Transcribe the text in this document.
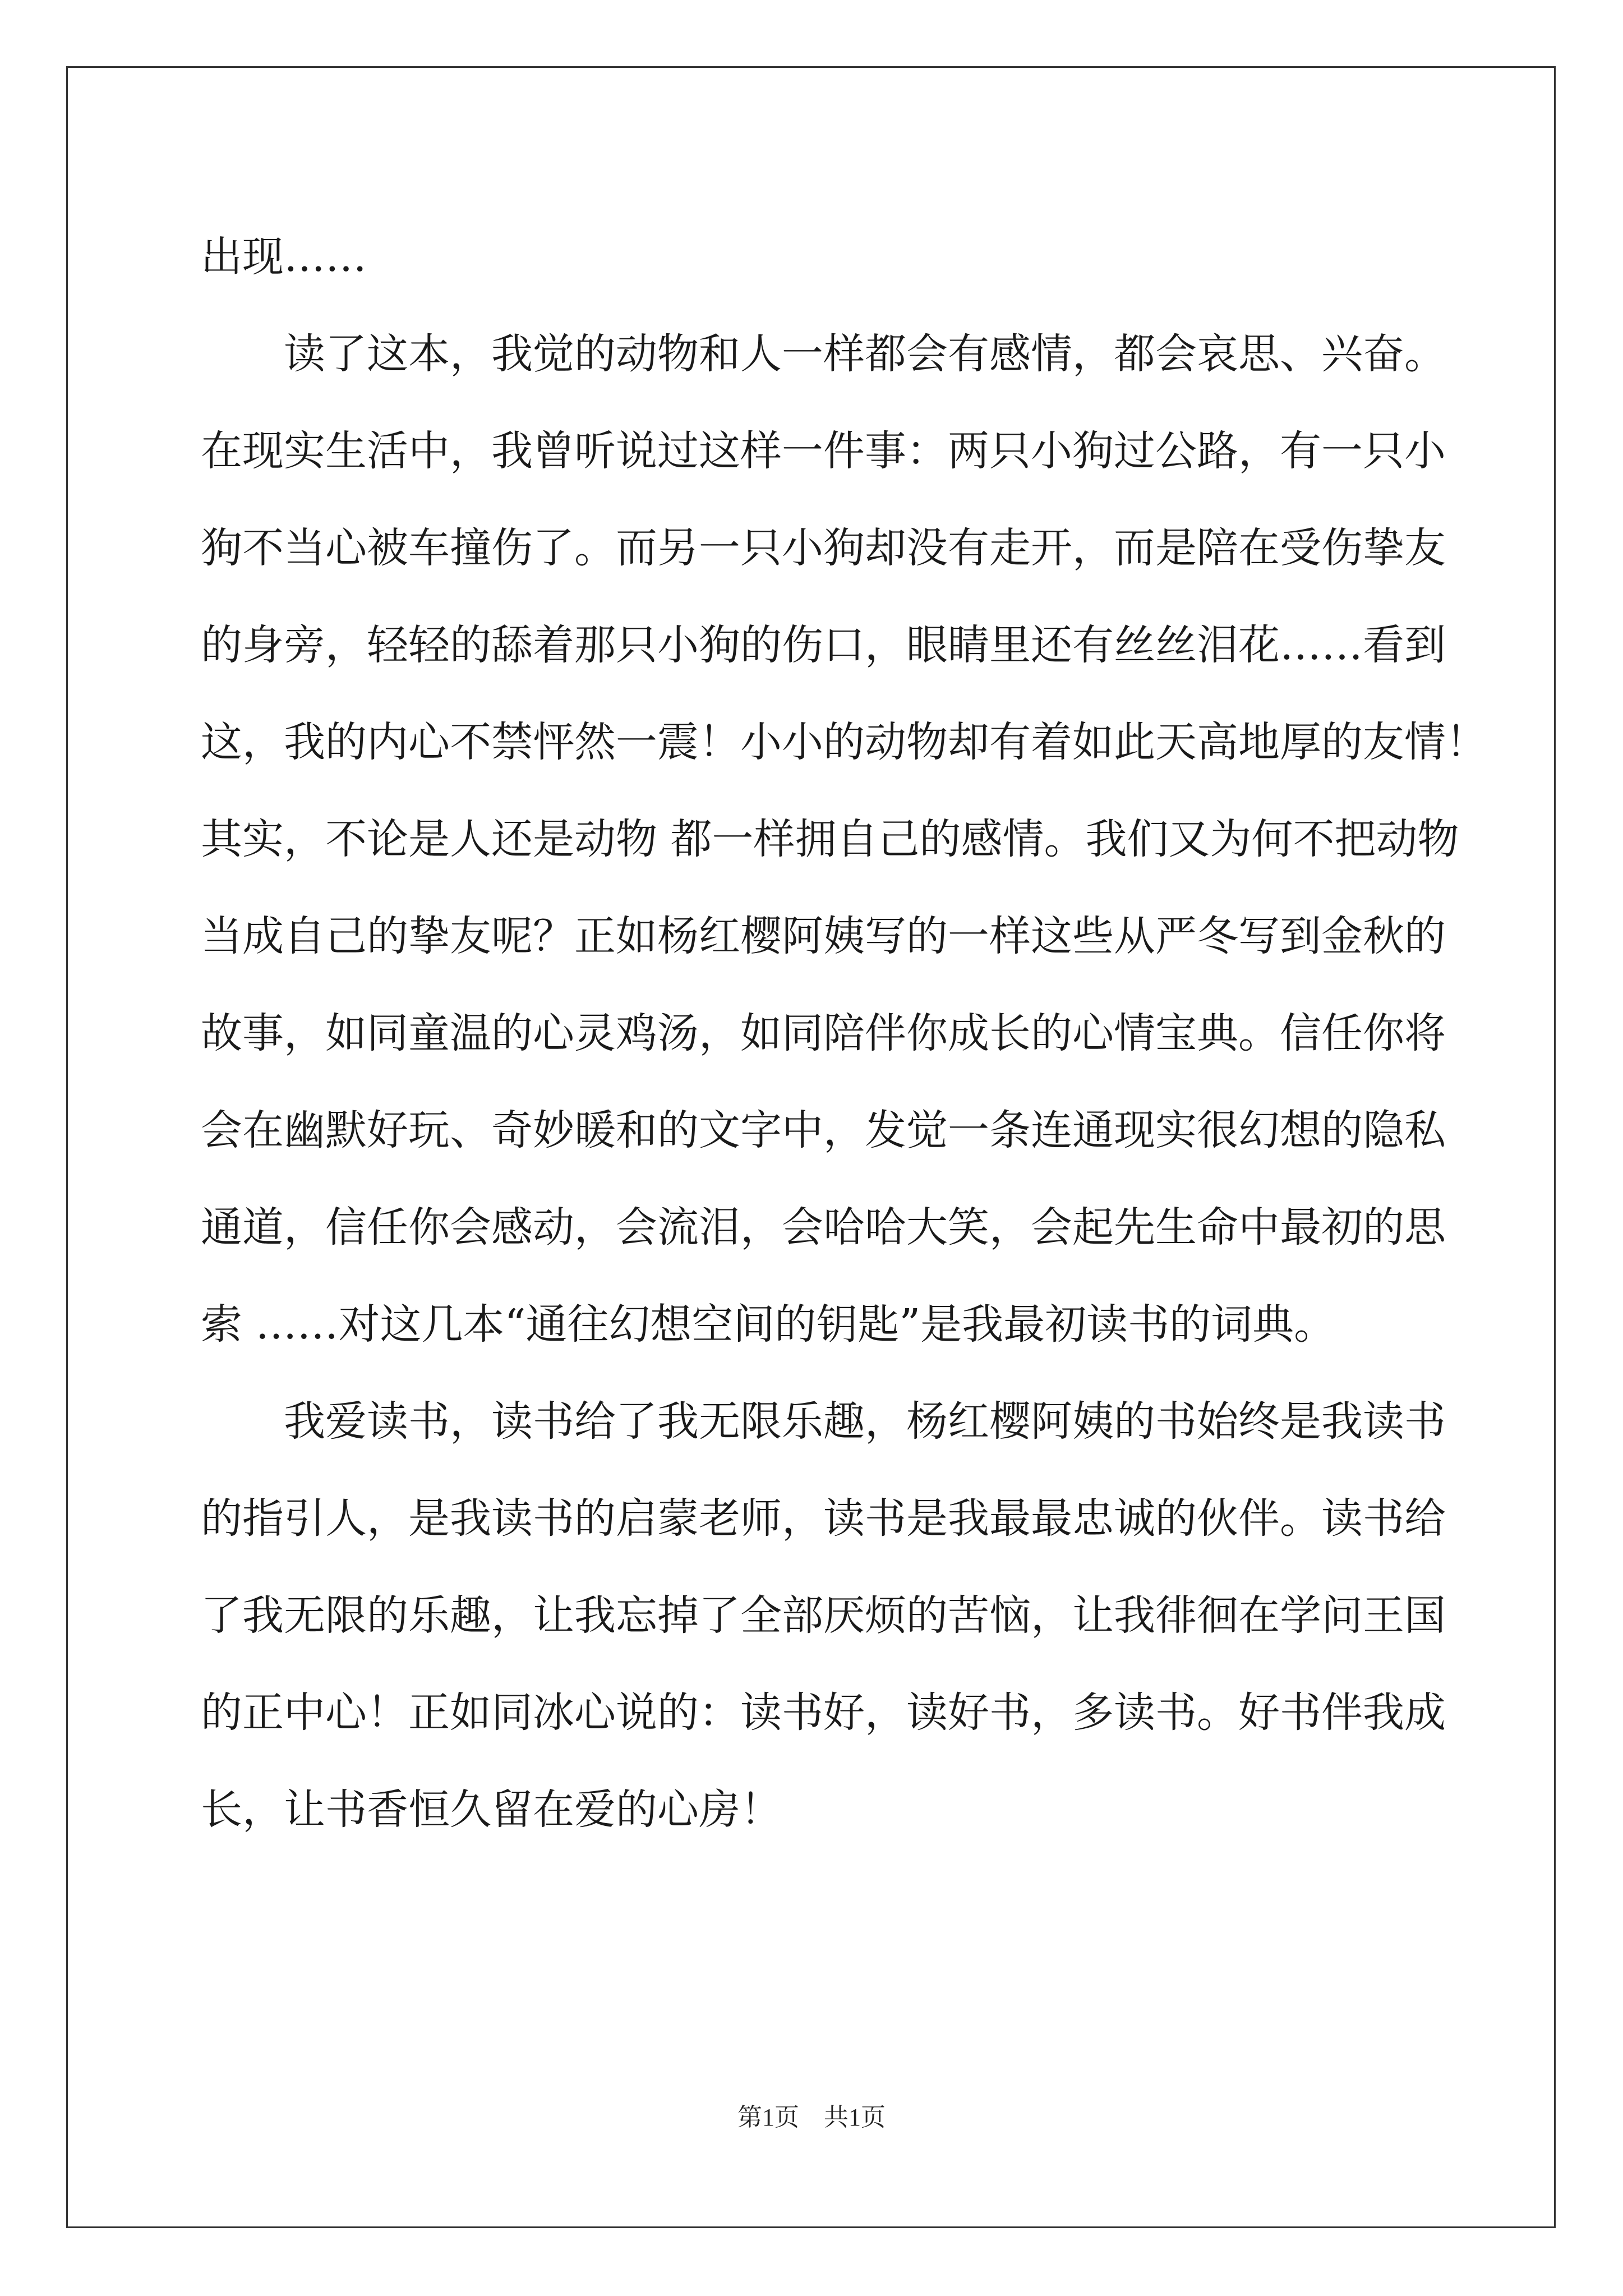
出现……

读了这本，我觉的动物和人一样都会有感情，都会哀思、兴奋。

在现实生活中，我曾听说过这样一件事：两只小狗过公路，有一只小

狗不当心被车撞伤了。而另一只小狗却没有走开，而是陪在受伤挚友

的身旁，轻轻的舔着那只小狗的伤口，眼睛里还有丝丝泪花……看到

这，我的内心不禁怦然一震！小小的动物却有着如此天高地厚的友情！

其实，不论是人还是动物 都一样拥自己的感情。我们又为何不把动物

当成自己的挚友呢？正如杨红樱阿姨写的一样这些从严冬写到金秋的

故事，如同童温的心灵鸡汤，如同陪伴你成长的心情宝典。信任你将

会在幽默好玩、奇妙暖和的文字中，发觉一条连通现实很幻想的隐私

通道，信任你会感动，会流泪，会哈哈大笑，会起先生命中最初的思

索 ……对这几本“通往幻想空间的钥匙”是我最初读书的词典。

我爱读书，读书给了我无限乐趣，杨红樱阿姨的书始终是我读书

的指引人，是我读书的启蒙老师，读书是我最最忠诚的伙伴。读书给

了我无限的乐趣，让我忘掉了全部厌烦的苦恼，让我徘徊在学问王国

的正中心！正如同冰心说的：读书好，读好书，多读书。好书伴我成

长，让书香恒久留在爱的心房！

第1页　共1页
